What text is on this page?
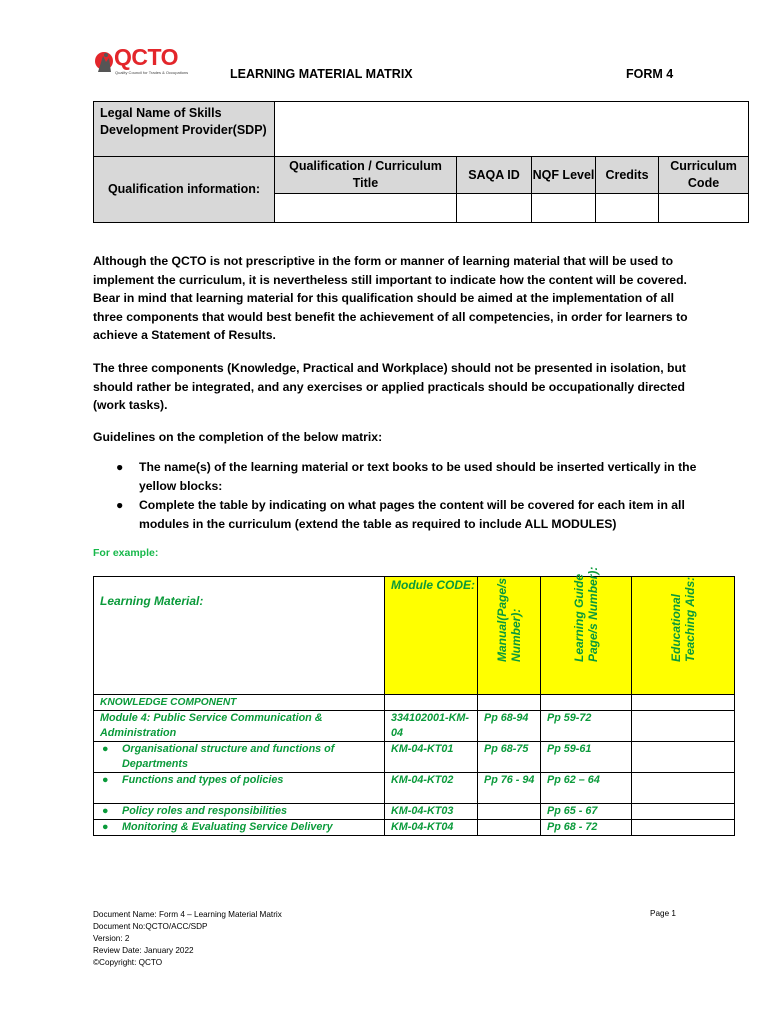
QCTO
Quality Council for Trades & Occupations	LEARNING MATERIAL MATRIX	FORM 4
Legal Name of Skills Development Provider(SDP)					
Qualification information:	Qualification / Curriculum Title	SAQA ID	NQF Level	Credits	Curriculum Code

Although the QCTO is not prescriptive in the form or manner of learning material that will be used to implement the curriculum, it is nevertheless still important to indicate how the content will be covered. Bear in mind that learning material for this qualification should be aimed at the implementation of all three components that would best benefit the achievement of all competencies, in order for learners to achieve a Statement of Results.
The three components (Knowledge, Practical and Workplace) should not be presented in isolation, but should rather be integrated, and any exercises or applied practicals should be occupationally directed (work tasks).
Guidelines on the completion of the below matrix:
● The name(s) of the learning material or text books to be used should be inserted vertically in the yellow blocks:
● Complete the table by indicating on what pages the content will be covered for each item in all modules in the curriculum (extend the table as required to include ALL MODULES)
For example:
Learning Material:	Module CODE:	Manual(Page/s Number):	Learning Guide Page/s Number):	Educational Teaching Aids:

KNOWLEDGE COMPONENT				
Module 4: Public Service Communication & Administration	334102001-KM-04	Pp 68-94	Pp 59-72	

● Organisational structure and functions of Departments	KM-04-KT01	Pp 68-75	Pp 59-61	

● Functions and types of policies	KM-04-KT02	Pp 76 - 94	Pp 62 – 64	

● Policy roles and responsibilities	KM-04-KT03		Pp 65 - 67	

● Monitoring & Evaluating Service Delivery	KM-04-KT04		Pp 68 - 72	
Document Name: Form 4 – Learning Material Matrix
Document No:QCTO/ACC/SDP
Version: 2
Review Date: January 2022
©Copyright: QCTO
Page 1
